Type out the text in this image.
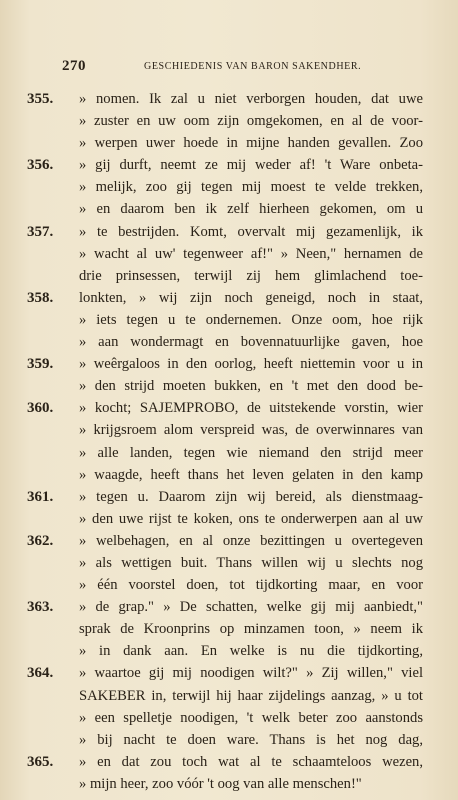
270	GESCHIEDENIS VAN BARON SAKENDHER.
355.	» nomen. Ik zal u niet verborgen houden, dat uwe
» zuster en uw oom zijn omgekomen, en al de voor-
» werpen uwer hoede in mijne handen gevallen. Zoo
356.	» gij durft, neemt ze mij weder af! 't Ware onbeta-
» melijk, zoo gij tegen mij moest te velde trekken,
» en daarom ben ik zelf hierheen gekomen, om u
357.	» te bestrijden. Komt, overvalt mij gezamenlijk, ik
» wacht al uw' tegenweer af!" » Neen," hernamen de
drie prinsessen, terwijl zij hem glimlachend toe-
358.	lonkten, » wij zijn noch geneigd, noch in staat,
» iets tegen u te ondernemen. Onze oom, hoe rijk
» aan wondermagt en bovennatuurlijke gaven, hoe
359.	» weêrgaloos in den oorlog, heeft niettemin voor u in
» den strijd moeten bukken, en 't met den dood be-
360.	» kocht; SAJEMPROBO, de uitstekende vorstin, wier
» krijgsroem alom verspreid was, de overwinnares van
» alle landen, tegen wie niemand den strijd meer
» waagde, heeft thans het leven gelaten in den kamp
361.	» tegen u. Daarom zijn wij bereid, als dienstmaag-
» den uwe rijst te koken, ons te onderwerpen aan al uw
362.	» welbehagen, en al onze bezittingen u overtegeven
» als wettigen buit. Thans willen wij u slechts nog
» één voorstel doen, tot tijdkorting maar, en voor
363.	» de grap." » De schatten, welke gij mij aanbiedt,"
sprak de Kroonprins op minzamen toon, » neem ik
» in dank aan. En welke is nu die tijdkorting,
364.	» waartoe gij mij noodigen wilt?" » Zij willen," viel
SAKEBER in, terwijl hij haar zijdelings aanzag, » u tot
» een spelletje noodigen, 't welk beter zoo aanstonds
» bij nacht te doen ware. Thans is het nog dag,
365.	» en dat zou toch wat al te schaamteloos wezen,
» mijn heer, zoo vóór 't oog van alle menschen!"
